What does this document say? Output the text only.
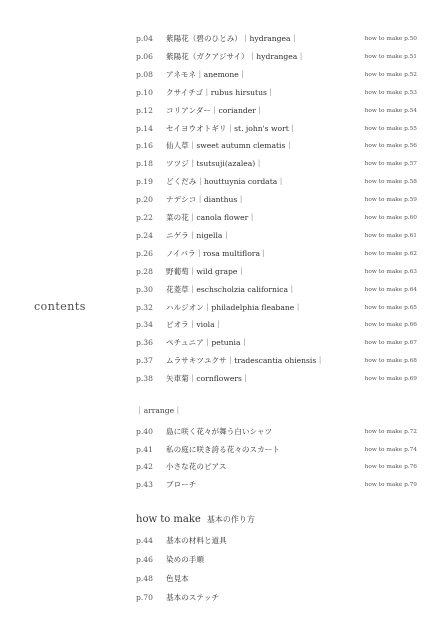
contents
p.04 紫陽花（碧のひとみ）｜hydrangea｜	how to make p.50
p.06 紫陽花（ガクアジサイ）｜hydrangea｜	how to make p.51
p.08 アネモネ｜anemone｜	how to make p.52
p.10 クサイチゴ｜rubus hirsutus｜	how to make p.53
p.12 コリアンダー｜coriander｜	how to make p.54
p.14 セイヨウオトギリ｜st. john's wort｜	how to make p.55
p.16 仙人草｜sweet autumn clematis｜	how to make p.56
p.18 ツツジ｜tsutsuji(azalea)｜	how to make p.57
p.19 どくだみ｜houttuynia cordata｜	how to make p.58
p.20 ナデシコ｜dianthus｜	how to make p.59
p.22 菜の花｜canola flower｜	how to make p.60
p.24 ニゲラ｜nigella｜	how to make p.61
p.26 ノイバラ｜rosa multiflora｜	how to make p.62
p.28 野葡萄｜wild grape｜	how to make p.63
p.30 花菱草｜eschscholzia californica｜	how to make p.64
p.32 ハルジオン｜philadelphia fleabane｜	how to make p.65
p.34 ビオラ｜viola｜	how to make p.66
p.36 ペチュニア｜petunia｜	how to make p.67
p.37 ムラサキツユクサ｜tradescantia ohiensis｜	how to make p.68
p.38 矢車菊｜cornflowers｜	how to make p.69
p.40 島に咲く花々が舞う白いシャツ	how to make p.72
p.41 私の庭に咲き誇る花々のスカート	how to make p.74
p.42 小さな花のピアス	how to make p.76
p.43 ブローチ	how to make p.79
p.44 基本の材料と道具
p.46 染めの手順
p.48 色見本
p.70 基本のステッチ
｜arrange｜
how to make 基本の作り方
